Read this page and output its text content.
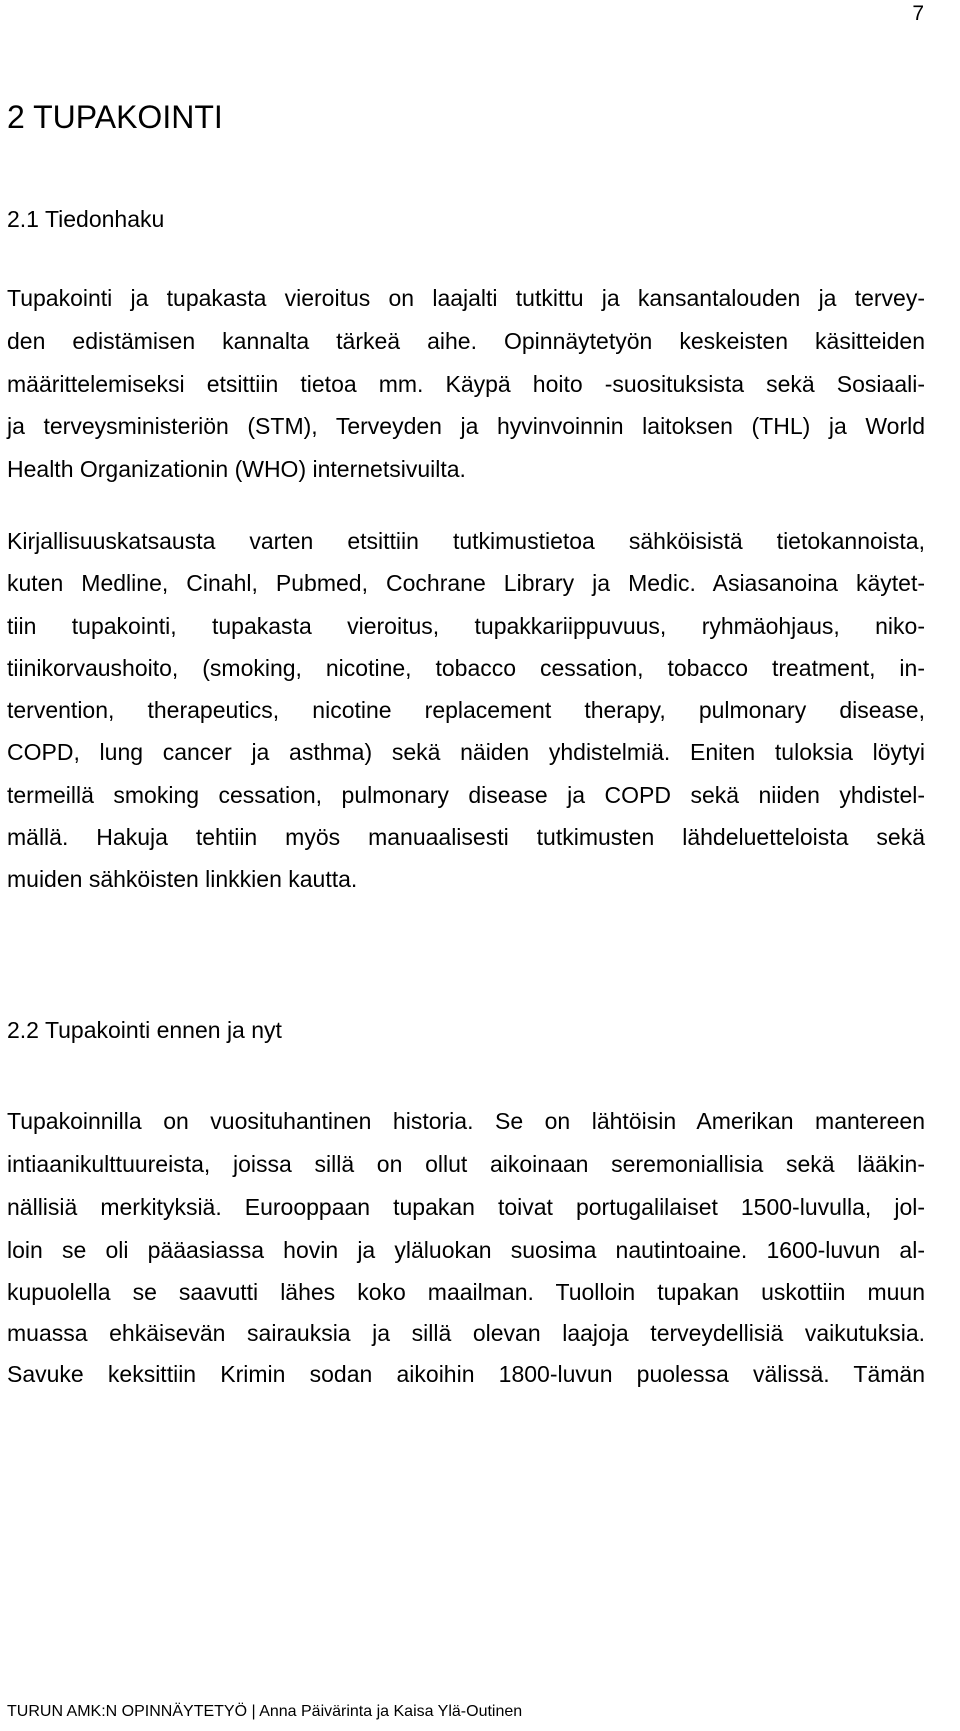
7
2 TUPAKOINTI
2.1 Tiedonhaku
Tupakointi ja tupakasta vieroitus on laajalti tutkittu ja kansantalouden ja tervey-
den edistämisen kannalta tärkeä aihe. Opinnäytetyön keskeisten käsitteiden
määrittelemiseksi etsittiin tietoa mm. Käypä hoito -suosituksista sekä Sosiaali-
ja terveysministeriön (STM), Terveyden ja hyvinvoinnin laitoksen (THL) ja World
Health Organizationin (WHO) internetsivuilta.
Kirjallisuuskatsausta varten etsittiin tutkimustietoa sähköisistä tietokannoista,
kuten Medline, Cinahl, Pubmed, Cochrane Library ja Medic. Asiasanoina käytet-
tiin tupakointi, tupakasta vieroitus, tupakkariippuvuus, ryhmäohjaus, niko-
tiinikorvaushoito, (smoking, nicotine, tobacco cessation, tobacco treatment, in-
tervention, therapeutics, nicotine replacement therapy, pulmonary disease,
COPD, lung cancer ja asthma) sekä näiden yhdistelmiä. Eniten tuloksia löytyi
termeillä smoking cessation, pulmonary disease ja COPD sekä niiden yhdistel-
mällä. Hakuja tehtiin myös manuaalisesti tutkimusten lähdeluetteloista sekä
muiden sähköisten linkkien kautta.
2.2 Tupakointi ennen ja nyt
Tupakoinnilla on vuosituhantinen historia. Se on lähtöisin Amerikan mantereen
intiaanikulttuureista, joissa sillä on ollut aikoinaan seremoniallisia sekä lääkin-
nällisiä merkityksiä. Eurooppaan tupakan toivat portugalilaiset 1500-luvulla, jol-
loin se oli pääasiassa hovin ja yläluokan suosima nautintoaine. 1600-luvun al-
kupuolella se saavutti lähes koko maailman. Tuolloin tupakan uskottiin muun
muassa ehkäisevän sairauksia ja sillä olevan laajoja terveydellisiä vaikutuksia.
Savuke keksittiin Krimin sodan aikoihin 1800-luvun puolessa välissä. Tämän
TURUN AMK:N OPINNÄYTETYÖ | Anna Päivärinta ja Kaisa Ylä-Outinen
